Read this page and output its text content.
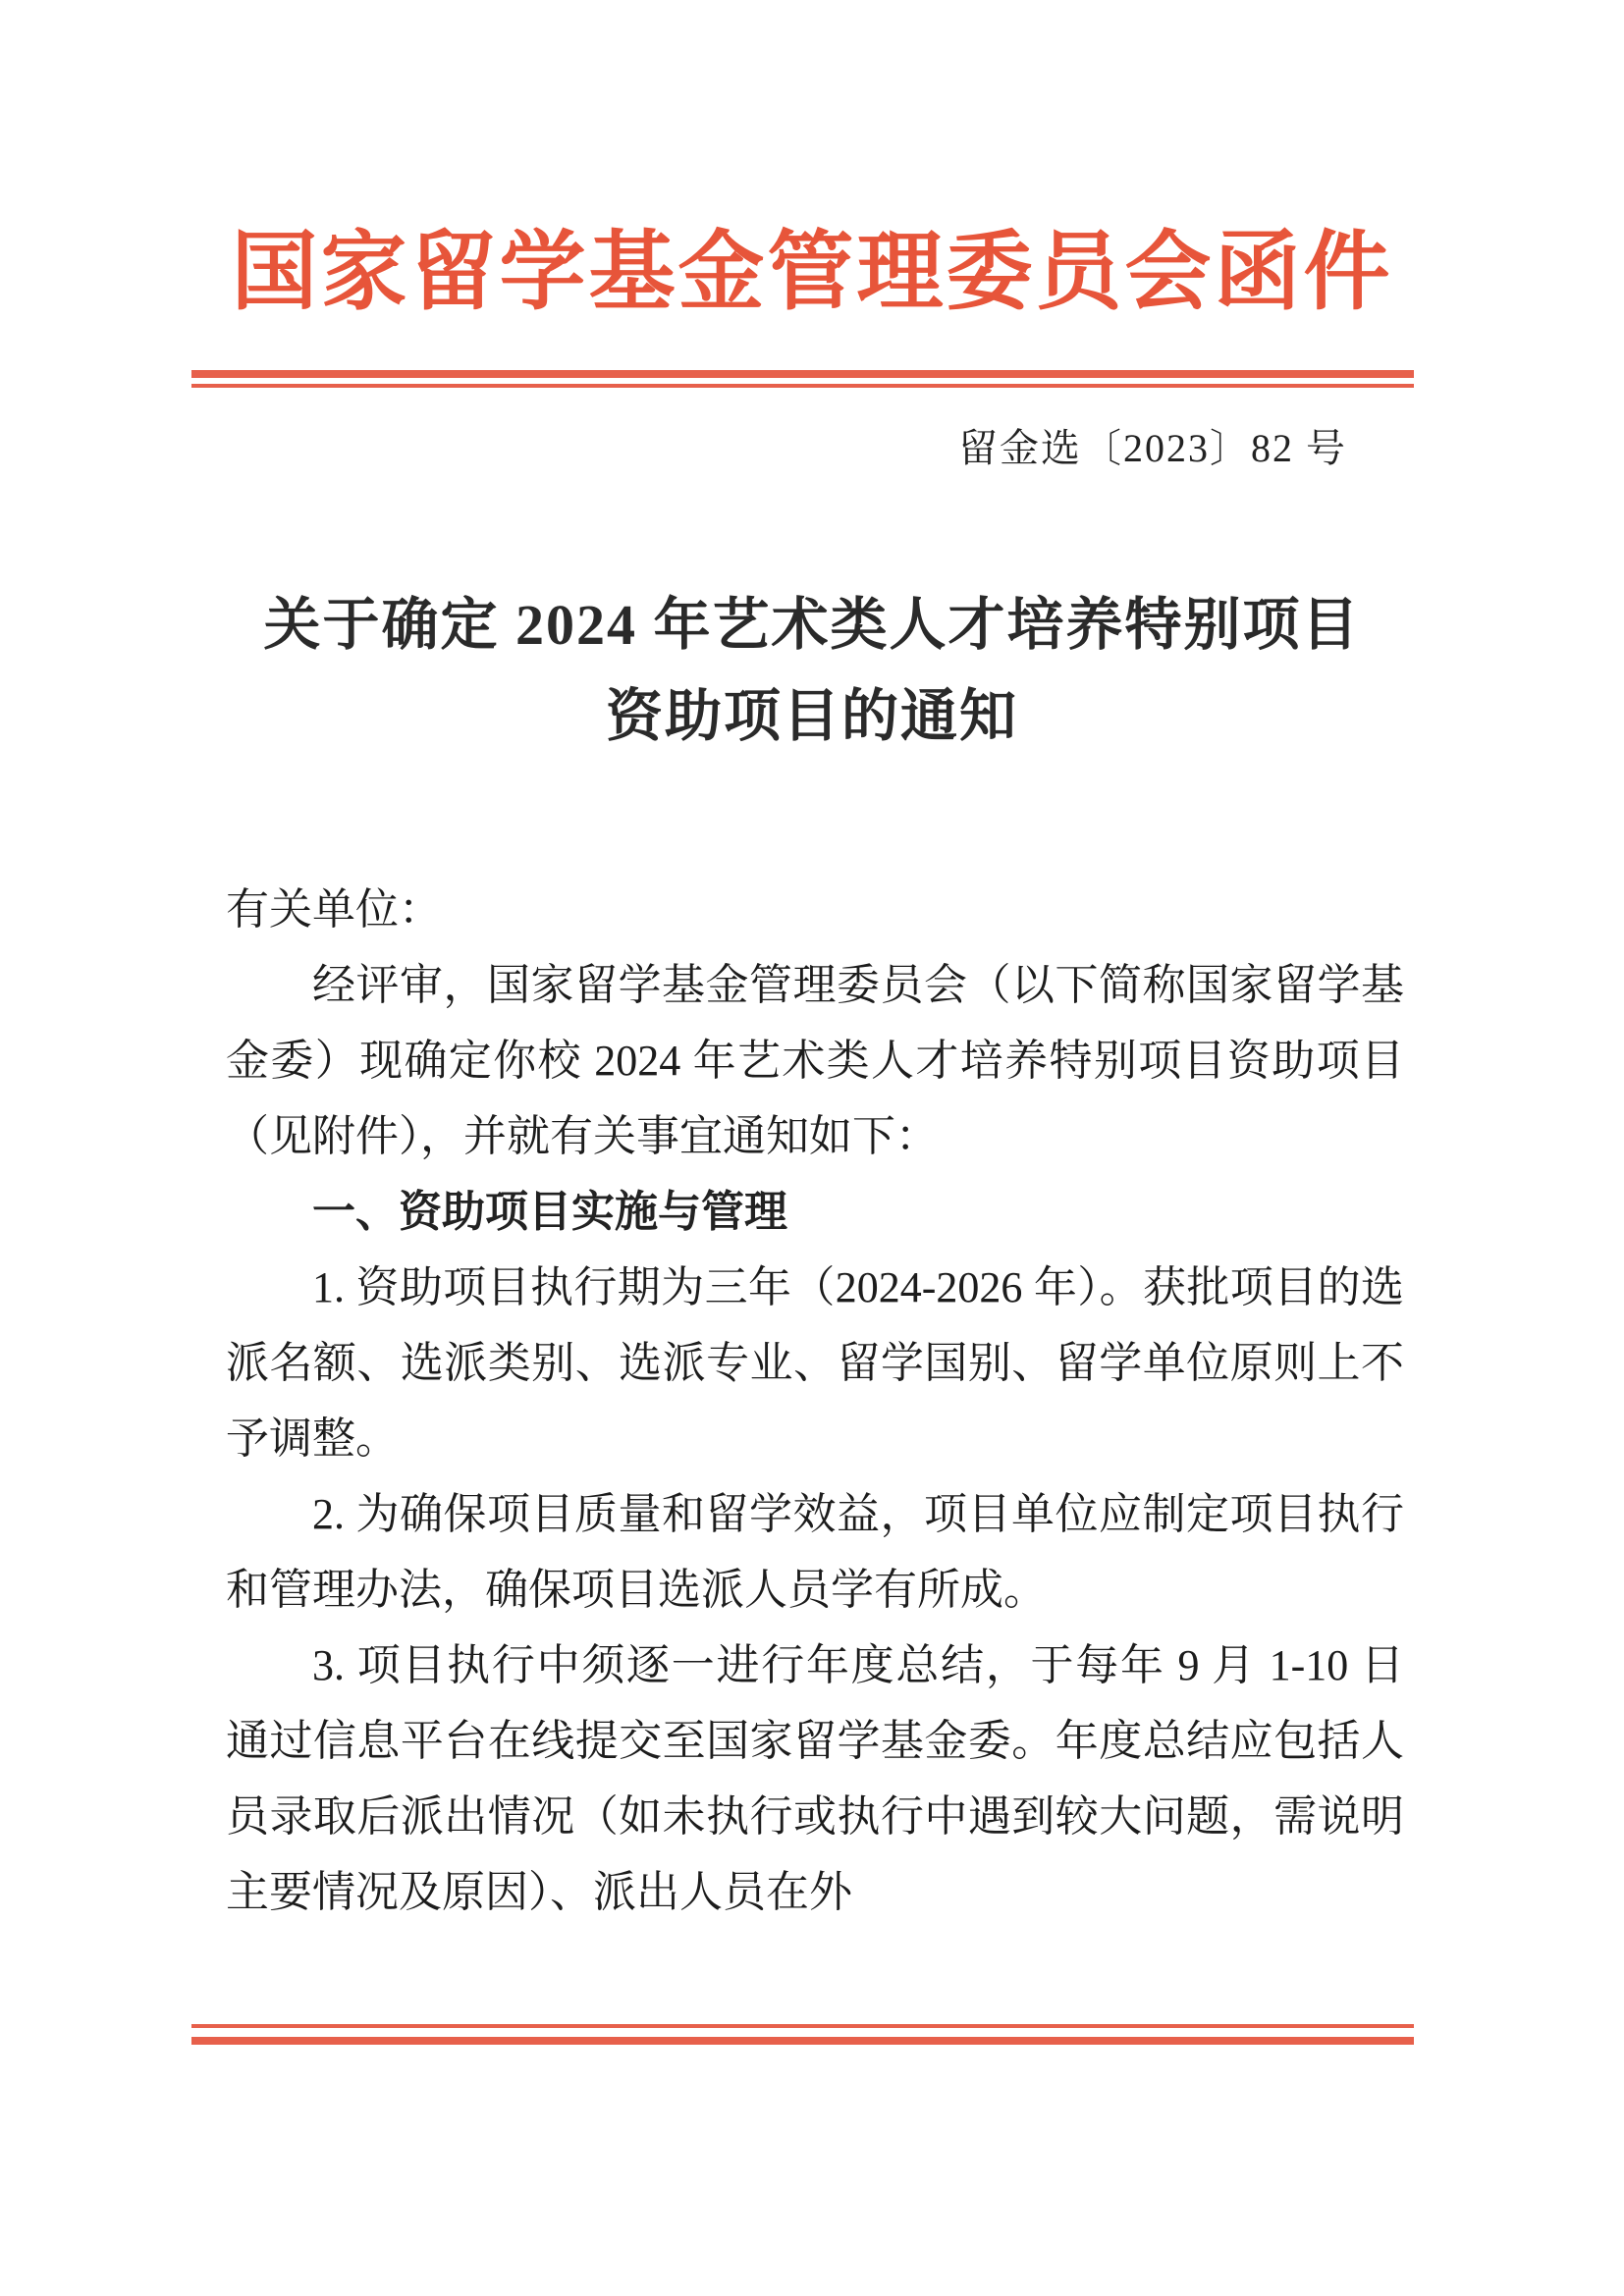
国家留学基金管理委员会函件
留金选〔2023〕82 号
关于确定 2024 年艺术类人才培养特别项目
资助项目的通知

有关单位：

经评审，国家留学基金管理委员会（以下简称国家留学基金委）现确定你校 2024 年艺术类人才培养特别项目资助项目（见附件），并就有关事宜通知如下：

一、资助项目实施与管理

1. 资助项目执行期为三年（2024-2026 年）。获批项目的选派名额、选派类别、选派专业、留学国别、留学单位原则上不予调整。

2. 为确保项目质量和留学效益，项目单位应制定项目执行和管理办法，确保项目选派人员学有所成。

3. 项目执行中须逐一进行年度总结，于每年 9 月 1-10 日通过信息平台在线提交至国家留学基金委。年度总结应包括人员录取后派出情况（如未执行或执行中遇到较大问题，需说明主要情况及原因）、派出人员在外
